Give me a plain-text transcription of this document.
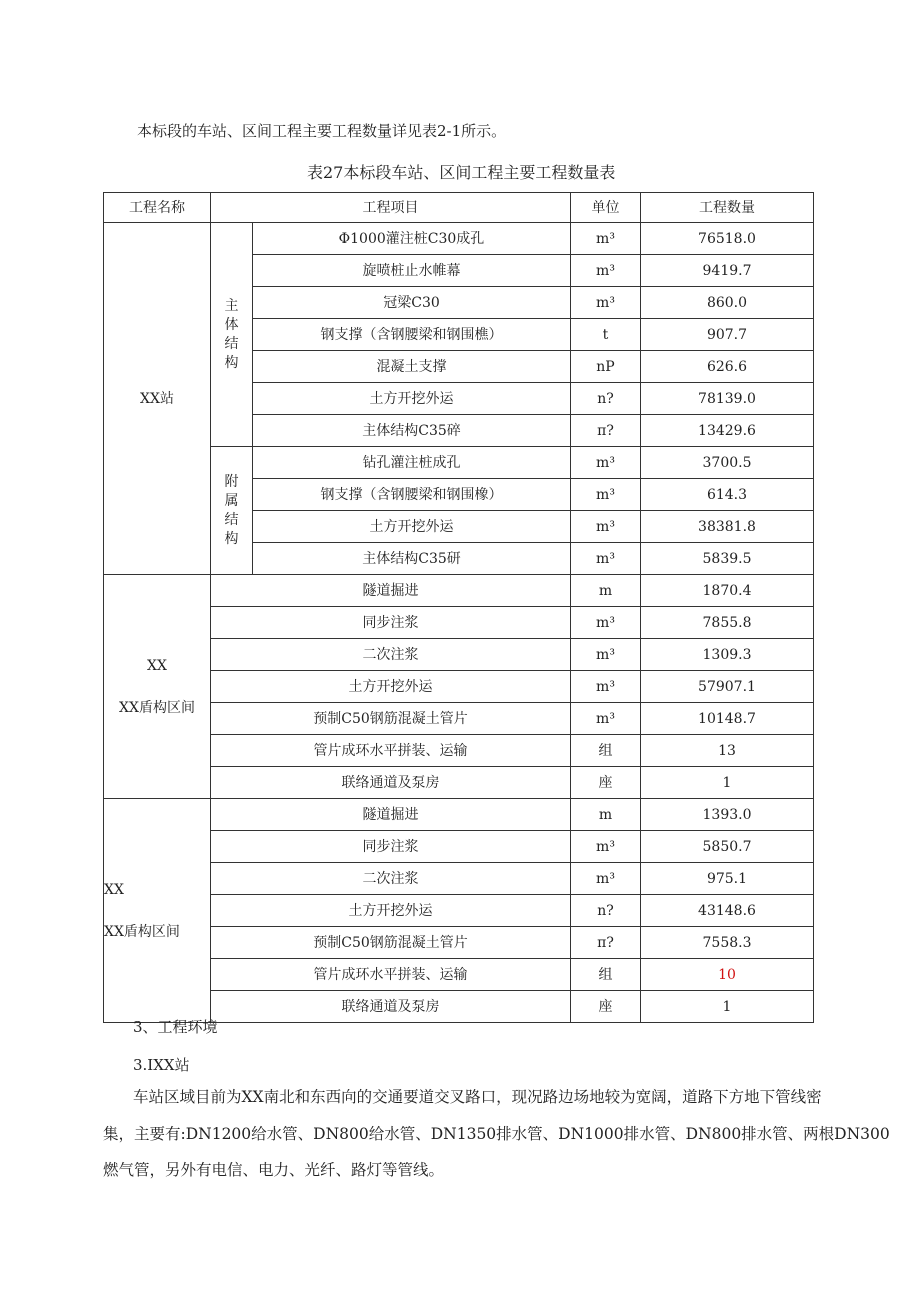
本标段的车站、区间工程主要工程数量详见表2-1所示。
表27本标段车站、区间工程主要工程数量表
工程名称	工程项目		单位	工程数量
XX站	主体结构	Φ1000灌注桩C30成孔	m³	76518.0
		旋喷桩止水帷幕	m³	9419.7
		冠梁C30	m³	860.0
		钢支撑（含钢腰梁和钢围樵）	t	907.7
		混凝土支撑	nP	626.6
		土方开挖外运	n?	78139.0
		主体结构C35碎	π?	13429.6
	附属结构	钻孔灌注桩成孔	m³	3700.5
		钢支撑（含钢腰梁和钢围橡）	m³	614.3
		土方开挖外运	m³	38381.8
		主体结构C35研	m³	5839.5

XX
XX盾构区间	隧道掘进		m	1870.4
	同步注浆		m³	7855.8
	二次注浆		m³	1309.3
	土方开挖外运		m³	57907.1
	预制C50钢筋混凝土管片		m³	10148.7
	管片成环水平拼装、运输		组	13
	联络通道及泵房		座	1

XX
XX盾构区间	隧道掘进		m	1393.0
	同步注浆		m³	5850.7
	二次注浆		m³	975.1
	土方开挖外运		n?	43148.6
	预制C50钢筋混凝土管片		π?	7558.3
	管片成环水平拼装、运输		组	10
	联络通道及泵房		座	1
3、工程环境
3.IXX站
车站区域目前为XX南北和东西向的交通要道交叉路口，现况路边场地较为宽阔，道路下方地下管线密
集，主要有:DN1200给水管、DN800给水管、DN1350排水管、DN1000排水管、DN800排水管、两根DN300
燃气管，另外有电信、电力、光纤、路灯等管线。
